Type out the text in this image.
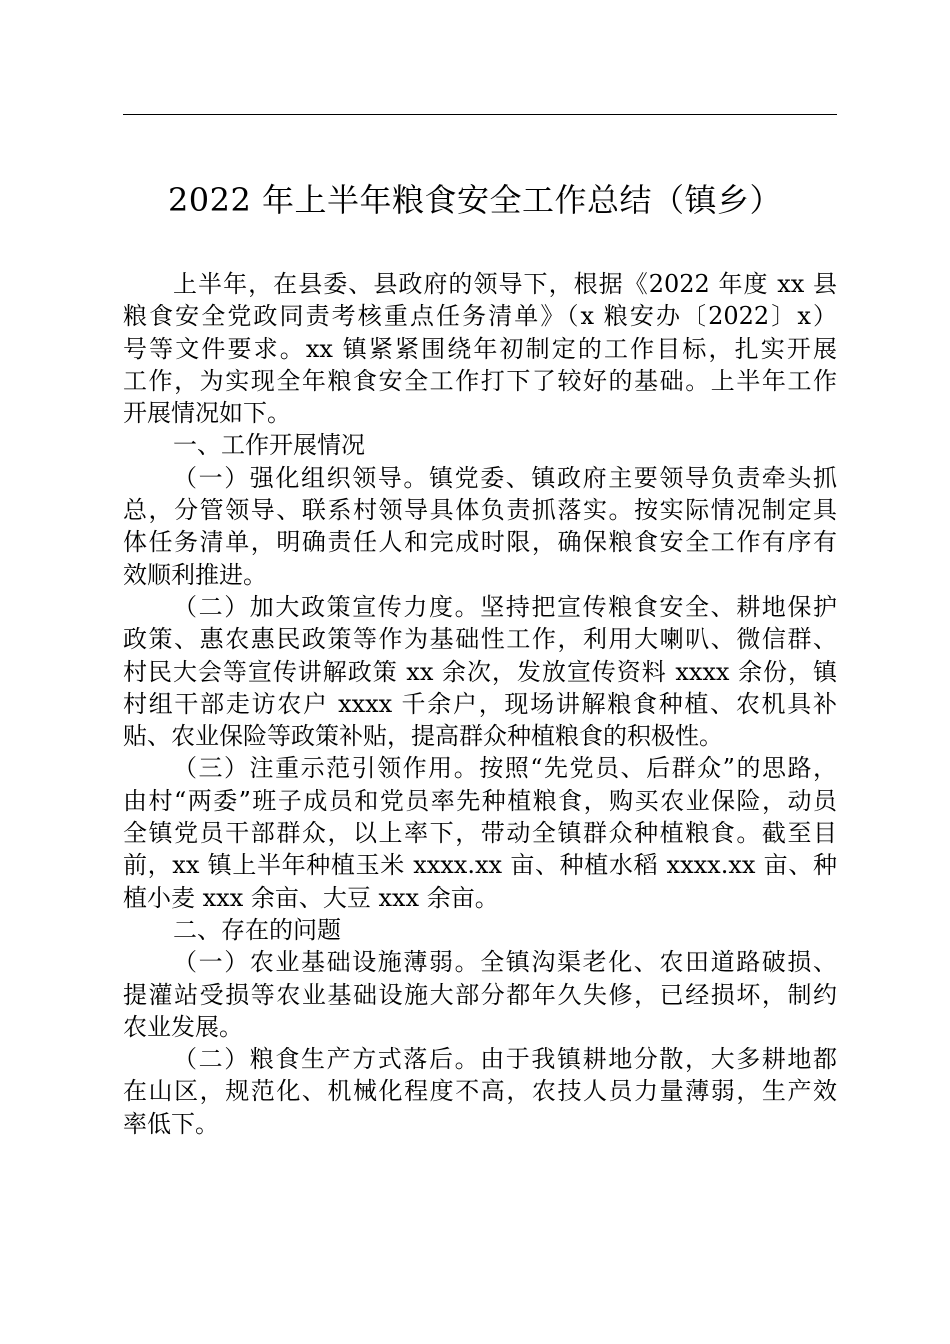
2022 年上半年粮食安全工作总结（镇乡）
上半年，在县委、县政府的领导下，根据《2022 年度 xx 县
粮食安全党政同责考核重点任务清单》（x 粮安办〔2022〕x）
号等文件要求。xx 镇紧紧围绕年初制定的工作目标，扎实开展
工作，为实现全年粮食安全工作打下了较好的基础。上半年工作
开展情况如下。
一、工作开展情况
（一）强化组织领导。镇党委、镇政府主要领导负责牵头抓
总，分管领导、联系村领导具体负责抓落实。按实际情况制定具
体任务清单，明确责任人和完成时限，确保粮食安全工作有序有
效顺利推进。
（二）加大政策宣传力度。坚持把宣传粮食安全、耕地保护
政策、惠农惠民政策等作为基础性工作，利用大喇叭、微信群、
村民大会等宣传讲解政策 xx 余次，发放宣传资料 xxxx 余份，镇
村组干部走访农户 xxxx 千余户，现场讲解粮食种植、农机具补
贴、农业保险等政策补贴，提高群众种植粮食的积极性。
（三）注重示范引领作用。按照“先党员、后群众”的思路，
由村“两委”班子成员和党员率先种植粮食，购买农业保险，动员
全镇党员干部群众，以上率下，带动全镇群众种植粮食。截至目
前，xx 镇上半年种植玉米 xxxx.xx 亩、种植水稻 xxxx.xx 亩、种
植小麦 xxx 余亩、大豆 xxx 余亩。
二、存在的问题
（一）农业基础设施薄弱。全镇沟渠老化、农田道路破损、
提灌站受损等农业基础设施大部分都年久失修，已经损坏，制约
农业发展。
（二）粮食生产方式落后。由于我镇耕地分散，大多耕地都
在山区，规范化、机械化程度不高，农技人员力量薄弱，生产效
率低下。
